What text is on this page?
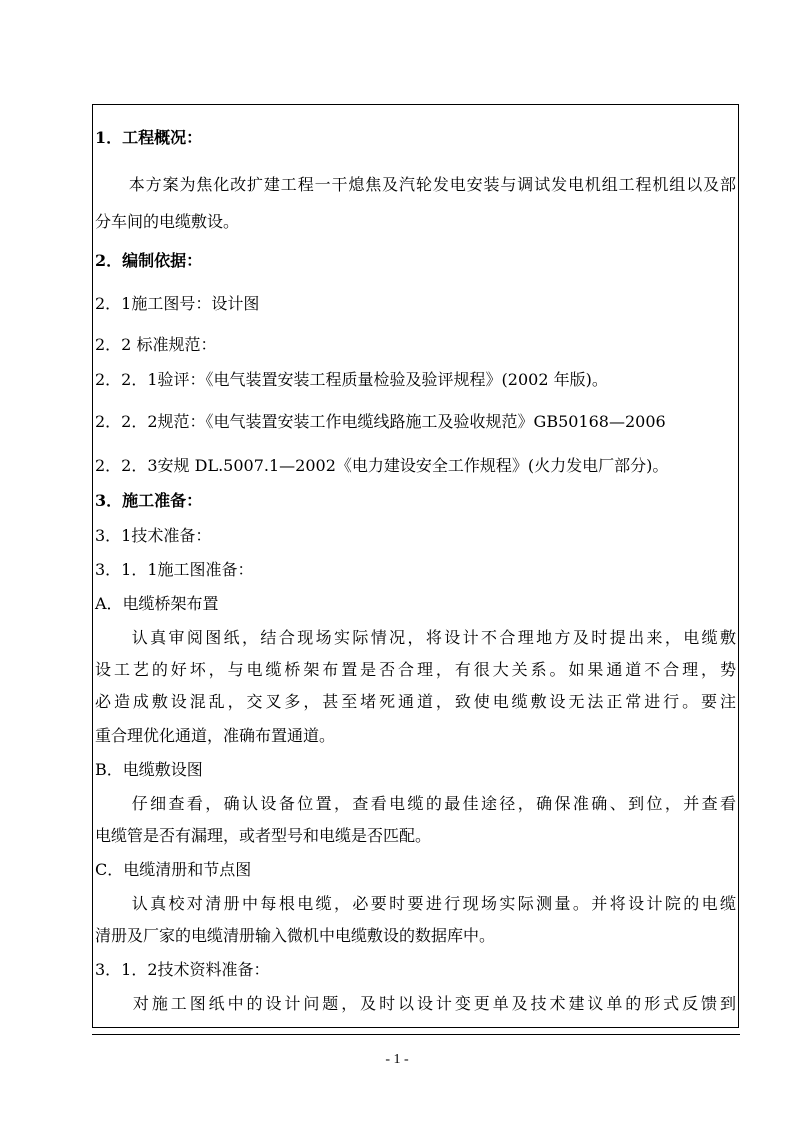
1．工程概况：
　　本方案为焦化改扩建工程一干熄焦及汽轮发电安装与调试发电机组工程机组以及部
分车间的电缆敷设。
2．编制依据：
2．1施工图号：设计图
2．2 标准规范：
2．2．1验评：《电气装置安装工程质量检验及验评规程》(2002 年版)。
2．2．2规范：《电气装置安装工作电缆线路施工及验收规范》GB50168—2006
2．2．3安规 DL.5007.1—2002《电力建设安全工作规程》(火力发电厂部分)。
3．施工准备：
3．1技术准备：
3．1．1施工图准备：
A．电缆桥架布置
　　认真审阅图纸，结合现场实际情况，将设计不合理地方及时提出来，电缆敷
设工艺的好坏，与电缆桥架布置是否合理，有很大关系。如果通道不合理，势
必造成敷设混乱，交叉多，甚至堵死通道，致使电缆敷设无法正常进行。要注
重合理优化通道，准确布置通道。
B．电缆敷设图
　　仔细查看，确认设备位置，查看电缆的最佳途径，确保准确、到位，并查看
电缆管是否有漏理，或者型号和电缆是否匹配。
C．电缆清册和节点图
　　认真校对清册中每根电缆，必要时要进行现场实际测量。并将设计院的电缆
清册及厂家的电缆清册输入微机中电缆敷设的数据库中。
3．1．2技术资料准备：
　　对施工图纸中的设计问题，及时以设计变更单及技术建议单的形式反馈到
- 1 -
